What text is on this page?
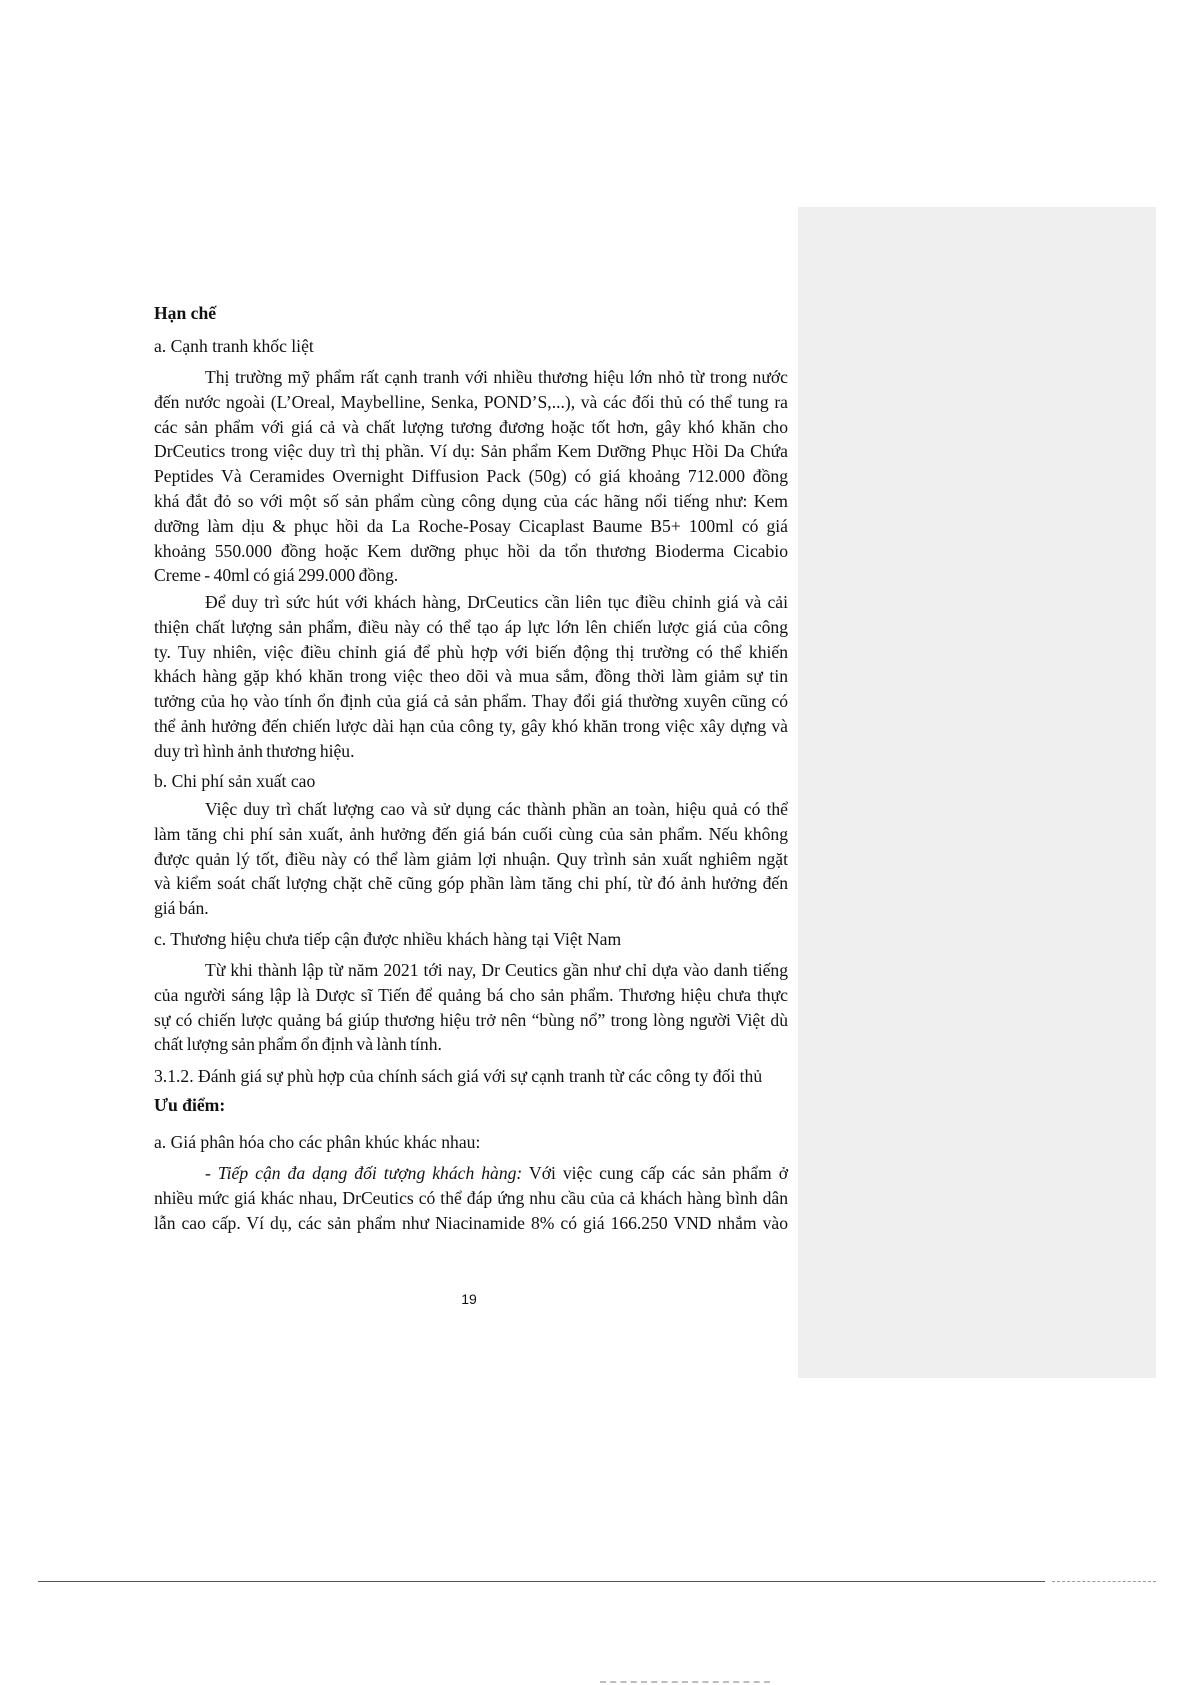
Hạn chế
a. Cạnh tranh khốc liệt
Thị trường mỹ phẩm rất cạnh tranh với nhiều thương hiệu lớn nhỏ từ trong nước
đến nước ngoài (L’Oreal, Maybelline, Senka, POND’S,...), và các đối thủ có thể tung ra
các sản phẩm với giá cả và chất lượng tương đương hoặc tốt hơn, gây khó khăn cho
DrCeutics trong việc duy trì thị phần. Ví dụ: Sản phẩm Kem Dưỡng Phục Hồi Da Chứa
Peptides Và Ceramides Overnight Diffusion Pack (50g) có giá khoảng 712.000 đồng
khá đắt đỏ so với một số sản phẩm cùng công dụng của các hãng nổi tiếng như: Kem
dưỡng làm dịu & phục hồi da La Roche-Posay Cicaplast Baume B5+ 100ml có giá
khoảng 550.000 đồng hoặc Kem dưỡng phục hồi da tổn thương Bioderma Cicabio
Creme - 40ml có giá 299.000 đồng.
Để duy trì sức hút với khách hàng, DrCeutics cần liên tục điều chỉnh giá và cải
thiện chất lượng sản phẩm, điều này có thể tạo áp lực lớn lên chiến lược giá của công
ty. Tuy nhiên, việc điều chỉnh giá để phù hợp với biến động thị trường có thể khiến
khách hàng gặp khó khăn trong việc theo dõi và mua sắm, đồng thời làm giảm sự tin
tưởng của họ vào tính ổn định của giá cả sản phẩm. Thay đổi giá thường xuyên cũng có
thể ảnh hưởng đến chiến lược dài hạn của công ty, gây khó khăn trong việc xây dựng và
duy trì hình ảnh thương hiệu.
b. Chi phí sản xuất cao
Việc duy trì chất lượng cao và sử dụng các thành phần an toàn, hiệu quả có thể
làm tăng chi phí sản xuất, ảnh hưởng đến giá bán cuối cùng của sản phẩm. Nếu không
được quản lý tốt, điều này có thể làm giảm lợi nhuận. Quy trình sản xuất nghiêm ngặt
và kiểm soát chất lượng chặt chẽ cũng góp phần làm tăng chi phí, từ đó ảnh hưởng đến
giá bán.
c. Thương hiệu chưa tiếp cận được nhiều khách hàng tại Việt Nam
Từ khi thành lập từ năm 2021 tới nay, Dr Ceutics gần như chỉ dựa vào danh tiếng
của người sáng lập là Dược sĩ Tiến để quảng bá cho sản phẩm. Thương hiệu chưa thực
sự có chiến lược quảng bá giúp thương hiệu trở nên “bùng nổ” trong lòng người Việt dù
chất lượng sản phẩm ổn định và lành tính.
3.1.2. Đánh giá sự phù hợp của chính sách giá với sự cạnh tranh từ các công ty đối thủ
Ưu điểm:
a. Giá phân hóa cho các phân khúc khác nhau:
- Tiếp cận đa dạng đối tượng khách hàng: Với việc cung cấp các sản phẩm ở
nhiều mức giá khác nhau, DrCeutics có thể đáp ứng nhu cầu của cả khách hàng bình dân
lẫn cao cấp. Ví dụ, các sản phẩm như Niacinamide 8% có giá 166.250 VND nhắm vào
19
